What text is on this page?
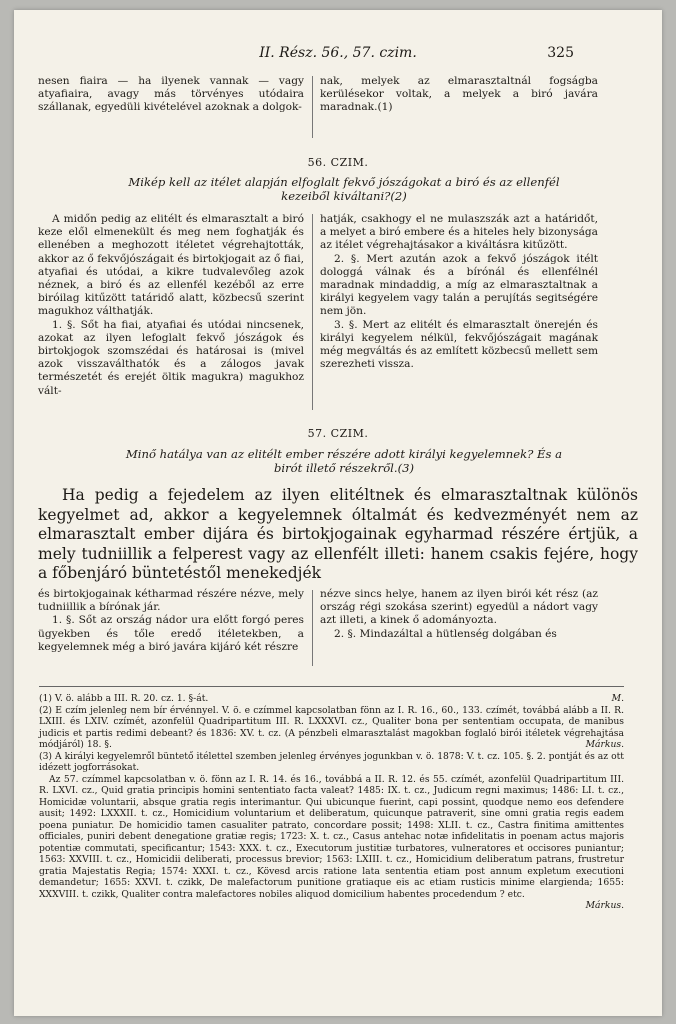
II. Rész. 56., 57. czim.	325

nesen fiaira — ha ilyenek vannak — vagy atyafiaira, avagy más törvényes utódaira szállanak, egyedüli kivételével azoknak a dolgok-

nak, melyek az elmarasztaltnál fogságba kerülésekor voltak, a melyek a biró javára maradnak.(1)

56. CZIM.
Mikép kell az itélet alapján elfoglalt fekvő jószágokat a biró és az ellenfél kezeiből kiváltani?(2)

A midőn pedig az elitélt és elmarasztalt a biró keze elől elmenekült és meg nem foghatják és ellenében a meghozott itéletet végrehajtották, akkor az ő fekvőjószágait és birtokjogait az ő fiai, atyafiai és utódai, a kikre tudvalevőleg azok néznek, a biró és az ellenfél kezéből az erre biróilag kitűzött tatáridő alatt, közbecsű szerint magukhoz válthatják.

1. §. Sőt ha fiai, atyafiai és utódai nincsenek, azokat az ilyen lefoglalt fekvő jószágok és birtokjogok szomszédai és határosai is (mivel azok visszaválthatók és a zálogos javak természetét és erejét öltik magukra) magukhoz vált-

hatják, csakhogy el ne mulaszszák azt a határidőt, a melyet a biró embere és a hiteles hely bizonysága az itélet végrehajtásakor a kiváltásra kitűzött.

2. §. Mert azután azok a fekvő jószágok itélt dologgá válnak és a bírónál és ellenfélnél maradnak mindaddig, a míg az elmarasztaltnak a királyi kegyelem vagy talán a perujítás segitségére nem jön.

3. §. Mert az elitélt és elmarasztalt önerején és királyi kegyelem nélkül, fekvőjószágait magának még megváltás és az említett közbecsű mellett sem szerezheti vissza.

57. CZIM.
Minő hatálya van az elitélt ember részére adott királyi kegyelemnek? És a birót illető részekről.(3)

Ha pedig a fejedelem az ilyen elitéltnek és elmarasztaltnak különös kegyelmet ad, akkor a kegyelemnek óltalmát és kedvezményét nem az elmarasztalt ember dijára és birtokjogainak egyharmad részére értjük, a mely tudniillik a felperest vagy az ellenfélt illeti: hanem csakis fejére, hogy a főbenjáró büntetéstől menekedjék

és birtokjogainak kétharmad részére nézve, mely tudniillik a bírónak jár.

1. §. Sőt az ország nádor ura előtt forgó peres ügyekben és tőle eredő itéletekben, a kegyelemnek még a biró javára kijáró két részre

nézve sincs helye, hanem az ilyen birói két rész (az ország régi szokása szerint) egyedül a nádort vagy azt illeti, a kinek ő adományozta.

2. §. Mindazáltal a hütlenség dolgában és

(1) V. ö. alább a III. R. 20. cz. 1. §-át.	M.

(2) E czím jelenleg nem bír érvénnyel. V. ö. e czímmel kapcsolatban fönn az I. R. 16., 60., 133. czímét, továbbá alább a II. R. LXIII. és LXIV. czímét, azonfelül Quadripartitum III. R. LXXXVI. cz., Qualiter bona per sententiam occupata, de manibus judicis et partis redimi debeant? és 1836: XV. t. cz. (A pénzbeli elmarasztalást magokban foglaló birói itéletek végrehajtása módjáról) 18. §.	Márkus.

(3) A királyi kegyelemről büntető itélettel szemben jelenleg érvényes jogunkban v. ö. 1878: V. t. cz. 105. §. 2. pontját és az ott idézett jogforrásokat.

Az 57. czímmel kapcsolatban v. ö. fönn az I. R. 14. és 16., továbbá a II. R. 12. és 55. czímét, azonfelül Quadripartitum III. R. LXVI. cz., Quid gratia principis homini sententiato facta valeat? 1485: IX. t. cz., Judicum regni maximus; 1486: LI. t. cz., Homicidæ voluntarii, absque gratia regis interimantur. Qui ubicunque fuerint, capi possint, quodque nemo eos defendere ausit; 1492: LXXXII. t. cz., Homicidium voluntarium et deliberatum, quicunque patraverit, sine omni gratia regis eadem poena puniatur. De homicidio tamen casualiter patrato, concordare possit; 1498: XLII. t. cz., Castra finitima amittentes officiales, puniri debent denegatione gratiæ regis; 1723: X. t. cz., Casus antehac notæ infidelitatis in poenam actus majoris potentiæ commutati, specificantur; 1543: XXX. t. cz., Executorum justitiæ turbatores, vulneratores et occisores puniantur; 1563: XXVIII. t. cz., Homicidii deliberati, processus brevior; 1563: LXIII. t. cz., Homicidium deliberatum patrans, frustretur gratia Majestatis Regia; 1574: XXXI. t. cz., Kövesd arcis ratione lata sententia etiam post annum expletum executioni demandetur; 1655: XXVI. t. czikk, De malefactorum punitione gratiaque eis ac etiam rusticis minime elargienda; 1655: XXXVIII. t. czikk, Qualiter contra malefactores nobiles aliquod domicilium habentes procedendum ? etc.

Márkus.
